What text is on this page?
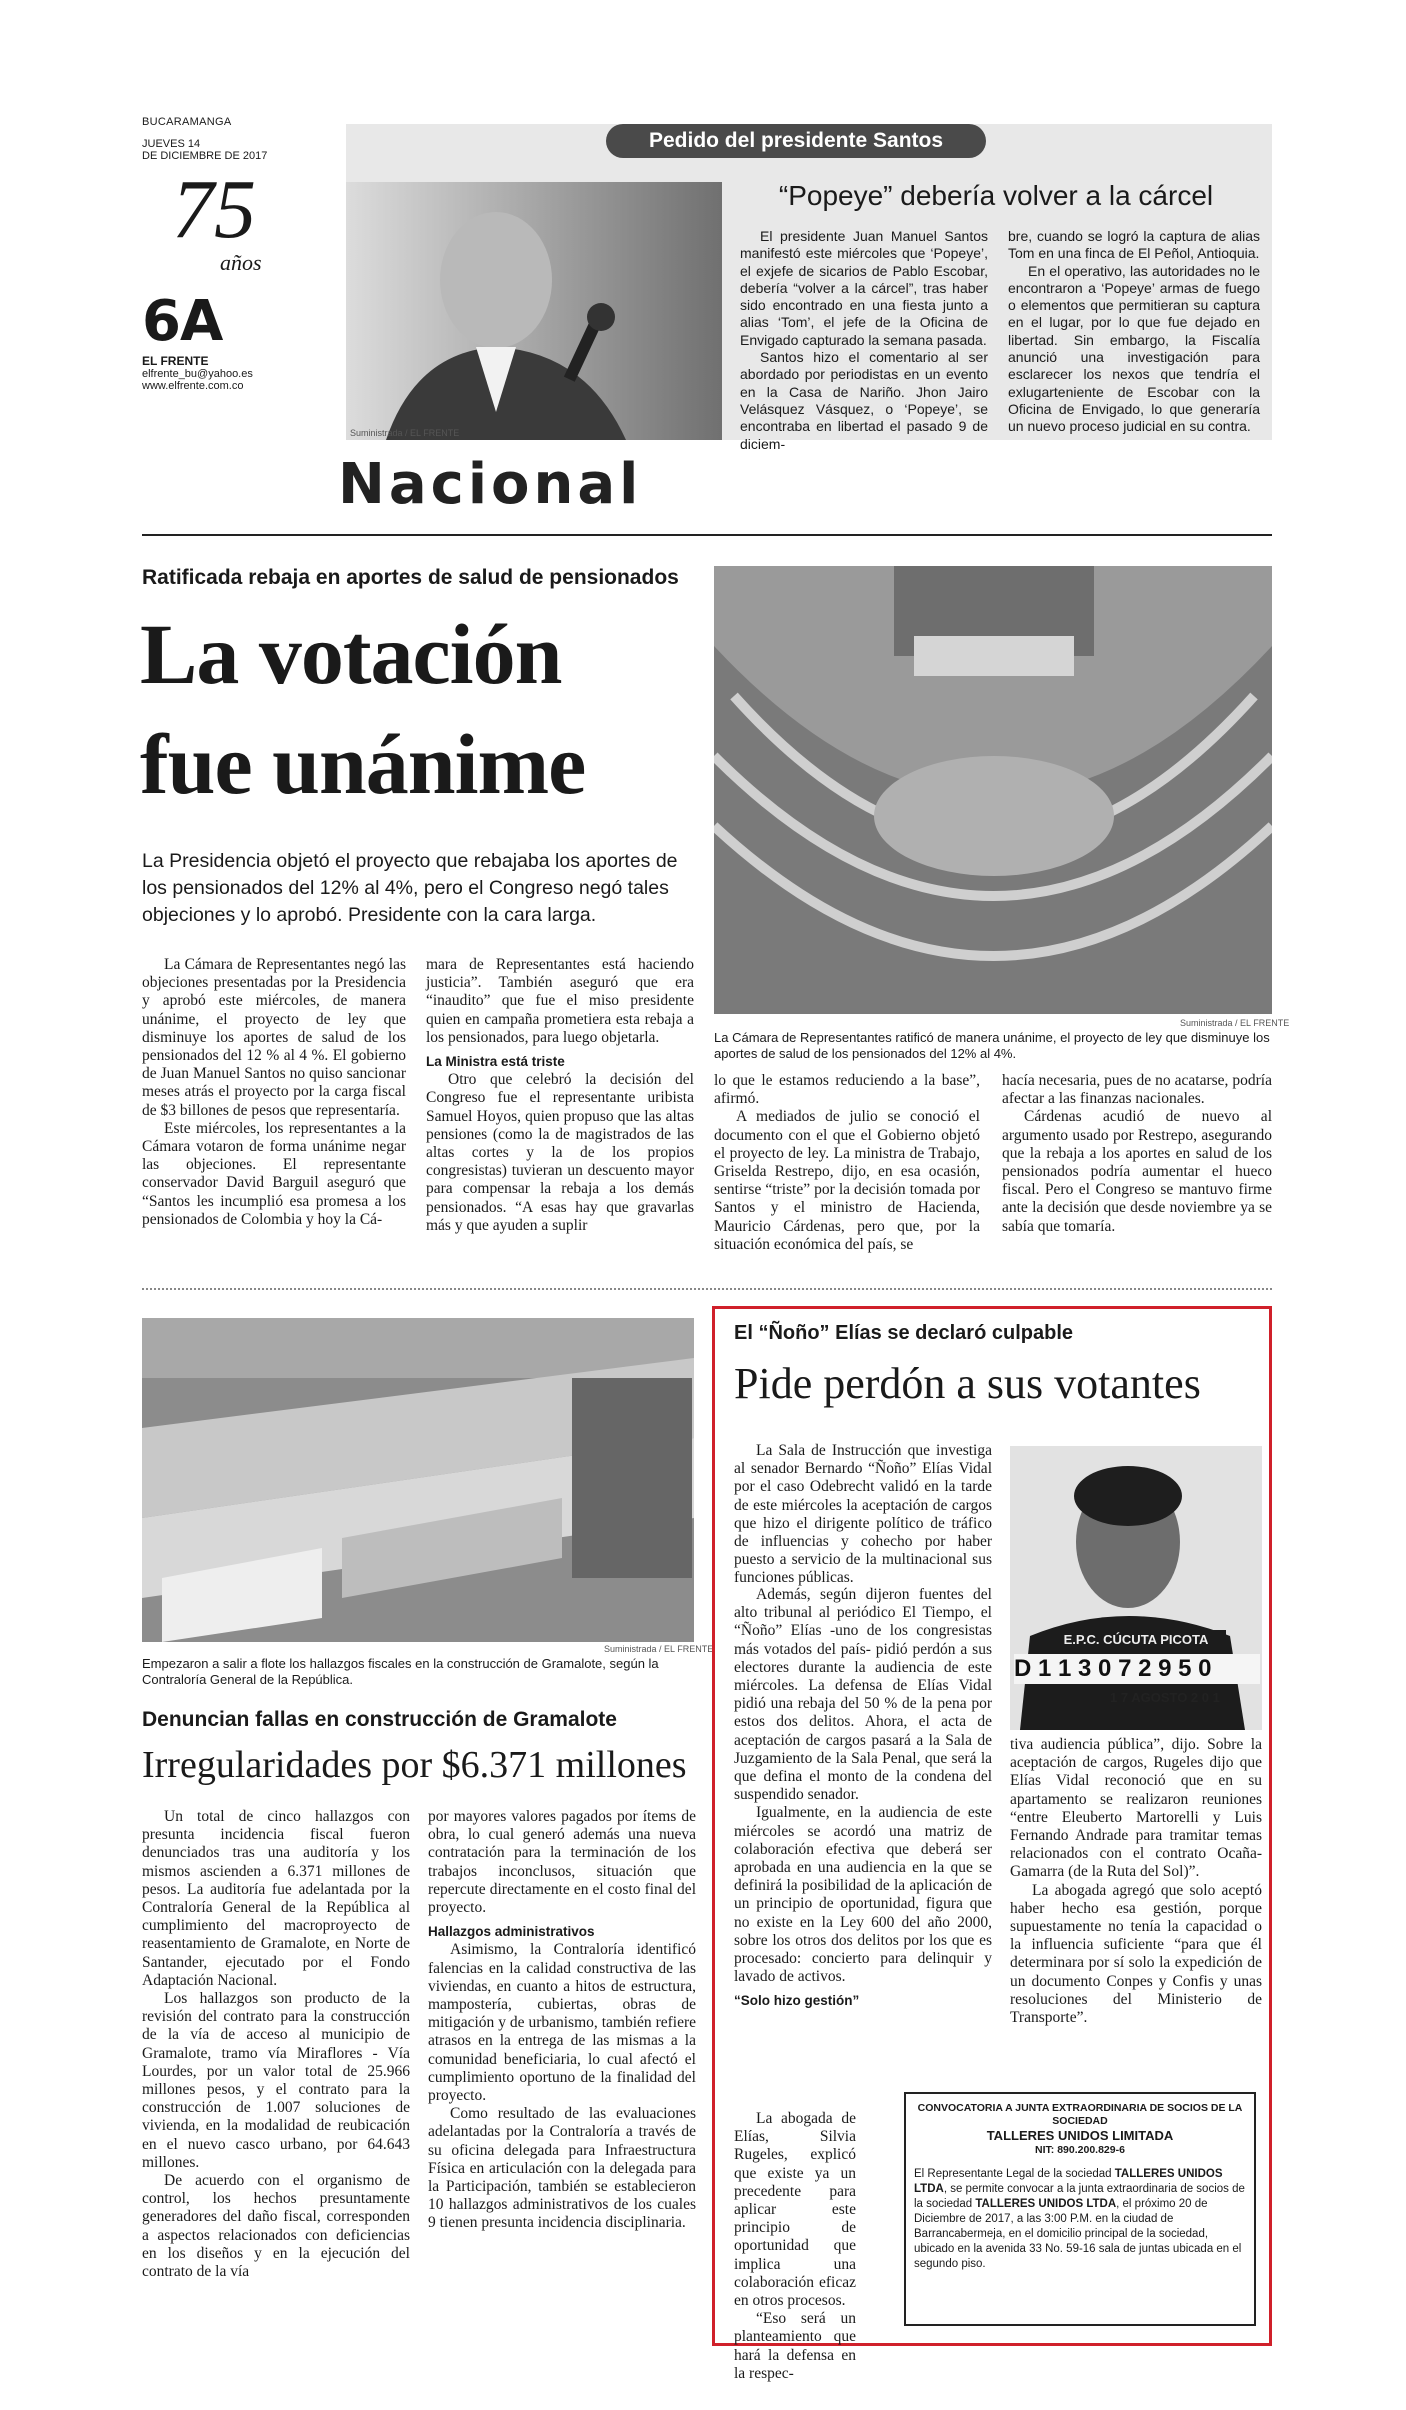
BUCARAMANGA
JUEVES 14
DE DICIEMBRE DE 2017
75
años
6A
EL FRENTE
elfrente_bu@yahoo.es
www.elfrente.com.co
Pedido del presidente Santos
Suministrada / EL FRENTE
“Popeye” debería volver a la cárcel

El presidente Juan Manuel Santos manifestó este miércoles que ‘Popeye’, el exjefe de sicarios de Pablo Escobar, debería “volver a la cárcel”, tras haber sido encontrado en una fiesta junto a alias ‘Tom’, el jefe de la Oficina de Envigado capturado la semana pasada.

Santos hizo el comentario al ser abordado por periodistas en un evento en la Casa de Nariño. Jhon Jairo Velásquez Vásquez, o ‘Popeye’, se encontraba en libertad el pasado 9 de diciem-

bre, cuando se logró la captura de alias Tom en una finca de El Peñol, Antioquia.

En el operativo, las autoridades no le encontraron a ‘Popeye’ armas de fuego o elementos que permitieran su captura en el lugar, por lo que fue dejado en libertad. Sin embargo, la Fiscalía anunció una investigación para esclarecer los nexos que tendría el exlugarteniente de Escobar con la Oficina de Envigado, lo que generaría un nuevo proceso judicial en su contra.

Nacional
Ratificada rebaja en aportes de salud de pensionados
La votación
fue unánime
La Presidencia objetó el proyecto que rebajaba los aportes de los pensionados del 12% al 4%, pero el Congreso negó tales objeciones y lo aprobó. Presidente con la cara larga.
Suministrada / EL FRENTE
La Cámara de Representantes ratificó de manera unánime, el proyecto de ley que disminuye los aportes de salud de los pensionados del 12% al 4%.

La Cámara de Representantes negó las objeciones presentadas por la Presidencia y aprobó este miércoles, de manera unánime, el proyecto de ley que disminuye los aportes de salud de los pensionados del 12 % al 4 %. El gobierno de Juan Manuel Santos no quiso sancionar meses atrás el proyecto por la carga fiscal de $3 billones de pesos que representaría.

Este miércoles, los representantes a la Cámara votaron de forma unánime negar las objeciones. El representante conservador David Barguil aseguró que “Santos les incumplió esa promesa a los pensionados de Colombia y hoy la Cá-

mara de Representantes está haciendo justicia”. También aseguró que era “inaudito” que fue el miso presidente quien en campaña prometiera esta rebaja a los pensionados, para luego objetarla.

La Ministra está triste

Otro que celebró la decisión del Congreso fue el representante uribista Samuel Hoyos, quien propuso que las altas pensiones (como la de magistrados de las altas cortes y la de los propios congresistas) tuvieran un descuento mayor para compensar la rebaja a los demás pensionados. “A esas hay que gravarlas más y que ayuden a suplir

lo que le estamos reduciendo a la base”, afirmó.

A mediados de julio se conoció el documento con el que el Gobierno objetó el proyecto de ley. La ministra de Trabajo, Griselda Restrepo, dijo, en esa ocasión, sentirse “triste” por la decisión tomada por Santos y el ministro de Hacienda, Mauricio Cárdenas, pero que, por la situación económica del país, se

hacía necesaria, pues de no acatarse, podría afectar a las finanzas nacionales.

Cárdenas acudió de nuevo al argumento usado por Restrepo, asegurando que la rebaja a los aportes en salud de los pensionados podría aumentar el hueco fiscal. Pero el Congreso se mantuvo firme ante la decisión que desde noviembre ya se sabía que tomaría.

Suministrada / EL FRENTE
Empezaron a salir a flote los hallazgos fiscales en la construcción de Gramalote, según la Contraloría General de la República.
Denuncian fallas en construcción de Gramalote
Irregularidades por $6.371 millones

Un total de cinco hallazgos con presunta incidencia fiscal fueron denunciados tras una auditoría y los mismos ascienden a 6.371 millones de pesos. La auditoría fue adelantada por la Contraloría General de la República al cumplimiento del macroproyecto de reasentamiento de Gramalote, en Norte de Santander, ejecutado por el Fondo Adaptación Nacional.

Los hallazgos son producto de la revisión del contrato para la construcción de la vía de acceso al municipio de Gramalote, tramo vía Miraflores - Vía Lourdes, por un valor total de 25.966 millones pesos, y el contrato para la construcción de 1.007 soluciones de vivienda, en la modalidad de reubicación en el nuevo casco urbano, por 64.643 millones.

De acuerdo con el organismo de control, los hechos presuntamente generadores del daño fiscal, corresponden a aspectos relacionados con deficiencias en los diseños y en la ejecución del contrato de la vía

por mayores valores pagados por ítems de obra, lo cual generó además una nueva contratación para la terminación de los trabajos inconclusos, situación que repercute directamente en el costo final del proyecto.

Hallazgos administrativos

Asimismo, la Contraloría identificó falencias en la calidad constructiva de las viviendas, en cuanto a hitos de estructura, mampostería, cubiertas, obras de mitigación y de urbanismo, también refiere atrasos en la entrega de las mismas a la comunidad beneficiaria, lo cual afectó el cumplimiento oportuno de la finalidad del proyecto.

Como resultado de las evaluaciones adelantadas por la Contraloría a través de su oficina delegada para Infraestructura Física en articulación con la delegada para la Participación, también se establecieron 10 hallazgos administrativos de los cuales 9 tienen presunta incidencia disciplinaria.

El “Ñoño” Elías se declaró culpable
Pide perdón a sus votantes
E.P.C. CÚCUTA PICOTA
D 1 1 3 0 7 2 9 5 0
1 7 AGOSTO 2 0 1

La Sala de Instrucción que investiga al senador Bernardo “Ñoño” Elías Vidal por el caso Odebrecht validó en la tarde de este miércoles la aceptación de cargos que hizo el dirigente político de tráfico de influencias y cohecho por haber puesto a servicio de la multinacional sus funciones públicas.

Además, según dijeron fuentes del alto tribunal al periódico El Tiempo, el “Ñoño” Elías -uno de los congresistas más votados del país- pidió perdón a sus electores durante la audiencia de este miércoles. La defensa de Elías Vidal pidió una rebaja del 50 % de la pena por estos dos delitos. Ahora, el acta de aceptación de cargos pasará a la Sala de Juzgamiento de la Sala Penal, que será la que defina el monto de la condena del suspendido senador.

Igualmente, en la audiencia de este miércoles se acordó una matriz de colaboración efectiva que deberá ser aprobada en una audiencia en la que se definirá la posibilidad de la aplicación de un principio de oportunidad, figura que no existe en la Ley 600 del año 2000, sobre los otros dos delitos por los que es procesado: concierto para delinquir y lavado de activos.

“Solo hizo gestión”

La abogada de Elías, Silvia Rugeles, explicó que existe ya un precedente para aplicar este principio de oportunidad que implica una colaboración eficaz en otros procesos.

“Eso será un planteamiento que hará la defensa en la respec-

tiva audiencia pública”, dijo. Sobre la aceptación de cargos, Rugeles dijo que Elías Vidal reconoció que en su apartamento se realizaron reuniones “entre Eleuberto Martorelli y Luis Fernando Andrade para tramitar temas relacionados con el contrato Ocaña-Gamarra (de la Ruta del Sol)”.

La abogada agregó que solo aceptó haber hecho esa gestión, porque supuestamente no tenía la capacidad o la influencia suficiente “para que él determinara por sí solo la expedición de un documento Conpes y Confis y unas resoluciones del Ministerio de Transporte”.

CONVOCATORIA A JUNTA EXTRAORDINARIA DE SOCIOS DE LA SOCIEDAD
TALLERES UNIDOS LIMITADA
NIT: 890.200.829-6
El Representante Legal de la sociedad TALLERES UNIDOS LTDA, se permite convocar a la junta extraordinaria de socios de la sociedad TALLERES UNIDOS LTDA, el próximo 20 de Diciembre de 2017, a las 3:00 P.M. en la ciudad de Barrancabermeja, en el domicilio principal de la sociedad, ubicado en la avenida 33 No. 59-16 sala de juntas ubicada en el segundo piso.
